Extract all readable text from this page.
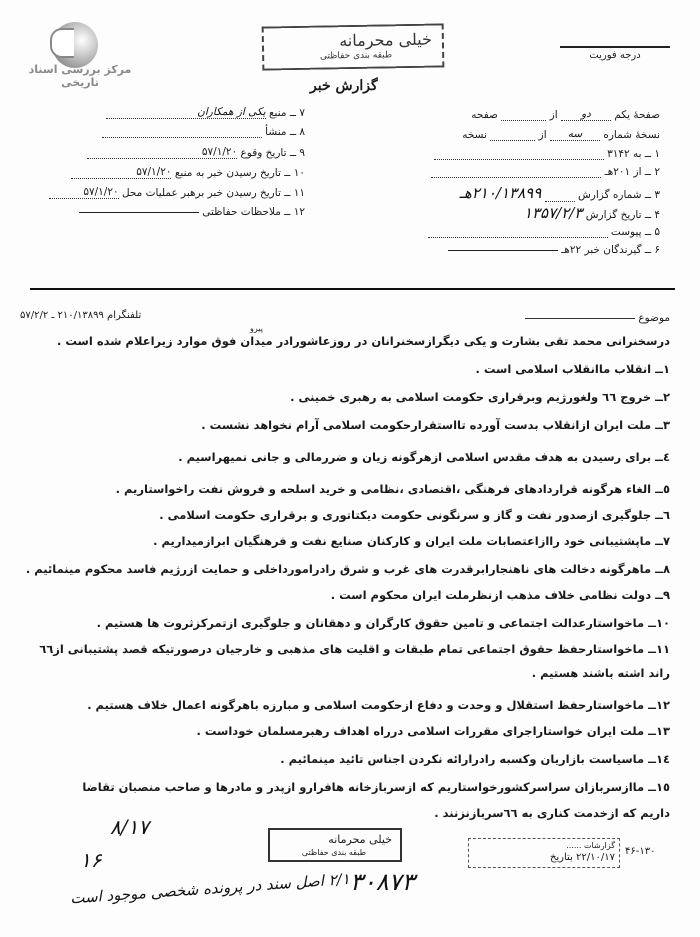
مرکز بررسی اسناد تاریخی
خیلی محرمانه
طبقه بندی حفاظتی
گزارش خبر
درجه فوریت
صفحهٔ یکم دو از  صفحه
نسخهٔ شماره سه از  نسخه
۱ ــ به ۳۱۴۲
۲ ــ از ۲۰۱هـ
۳ ــ شماره گزارش  ۲۱۰/۱۳۸۹۹هـ
۴ ــ تاریخ گزارش ۱۳۵۷/۲/۳
۵ ــ پیوست
۶ ــ گیرندگان خبر ۲۲هـ
۷ ــ منبع یکی از همکاران
۸ ــ منشأ
۹ ــ تاریخ وقوع ۵۷/۱/۲۰
۱۰ ــ تاریخ رسیدن خبر به منبع ۵۷/۱/۲۰
۱۱ ــ تاریخ رسیدن خبر برهبر عملیات محل ۵۷/۱/۲۰
۱۲ ــ ملاحظات حفاظتی
موضوع
تلفنگرام ۲۱۰/۱۳۸۹۹ ـ ۵۷/۲/۲
پیرو
درسخنرانی محمد تقی بشارت و یکی دیگرازسخنرانان در روزعاشورادر میدان فوق موارد زیراعلام شده است .
۱ــ انقلاب ماانقلاب اسلامی است .
۲ــ خروج ٦٦ ولغورژیم وبرقراری حکومت اسلامی به رهبری خمینی .
۳ــ ملت ایران ازانقلاب بدست آورده تااستقرارحکومت اسلامی آرام نخواهد نشست .
٤ــ برای رسیدن به هدف مقدس اسلامی ازهرگونه زیان و ضررمالی و جانی نمیهراسیم .
٥ــ الغاء هرگونه قراردادهای فرهنگی ،اقتصادی ،نظامی و خرید اسلحه و فروش نفت راخواستاریم .
٦ــ جلوگیری ازصدور نفت و گاز و سرنگونی حکومت دیکتاتوری و برقراری حکومت اسلامی .
٧ــ ماپشتیبانی خود راازاعتصابات ملت ایران و کارکنان صنایع نفت و فرهنگیان ابرازمیداریم .
٨ــ ماهرگونه دخالت های ناهنجارابرقدرت های غرب و شرق رادرامورداخلی و حمایت ازرژیم فاسد محکوم مینمائیم .
٩ــ دولت نظامی خلاف مذهب ازنظرملت ایران محکوم است .
١٠ــ ماخواستارعدالت اجتماعی و تامین حقوق کارگران و دهقانان و جلوگیری ازتمرکزثروت ها هستیم .
١١ــ ماخواستارحفظ حقوق اجتماعی تمام طبقات و اقلیت های مذهبی و خارجیان درصورتیکه قصد پشتیبانی از٦٦
راند اشته باشند هستیم .
١٢ــ ماخواستارحفظ استقلال و وحدت و دفاع ازحکومت اسلامی و مبارزه باهرگونه اعمال خلاف هستیم .
١٣ــ ملت ایران خواستاراجرای مقررات اسلامی درراه اهداف رهبرمسلمان خوداست .
١٤ــ ماسیاست بازاریان وکسبه رادرارائه نکردن اجناس تائید مینمائیم .
١٥ــ ماازسربازان سراسرکشورخواستاریم که ازسربازخانه هافرارو ازپدر و مادرها و صاحب منصبان تقاضا
داریم که ازخدمت کناری به ٦٦سربازنزنند .
خیلی محرمانه
طبقه بندی حفاظتی
گزارشات ......
۲۲/۱۰/۱۷ بتاریخ
۴۶-۱۳۰
۳۰۸۷۳
٢/١ اصل سند در پرونده شخصی موجود است
۸/۱۷
۱۶
